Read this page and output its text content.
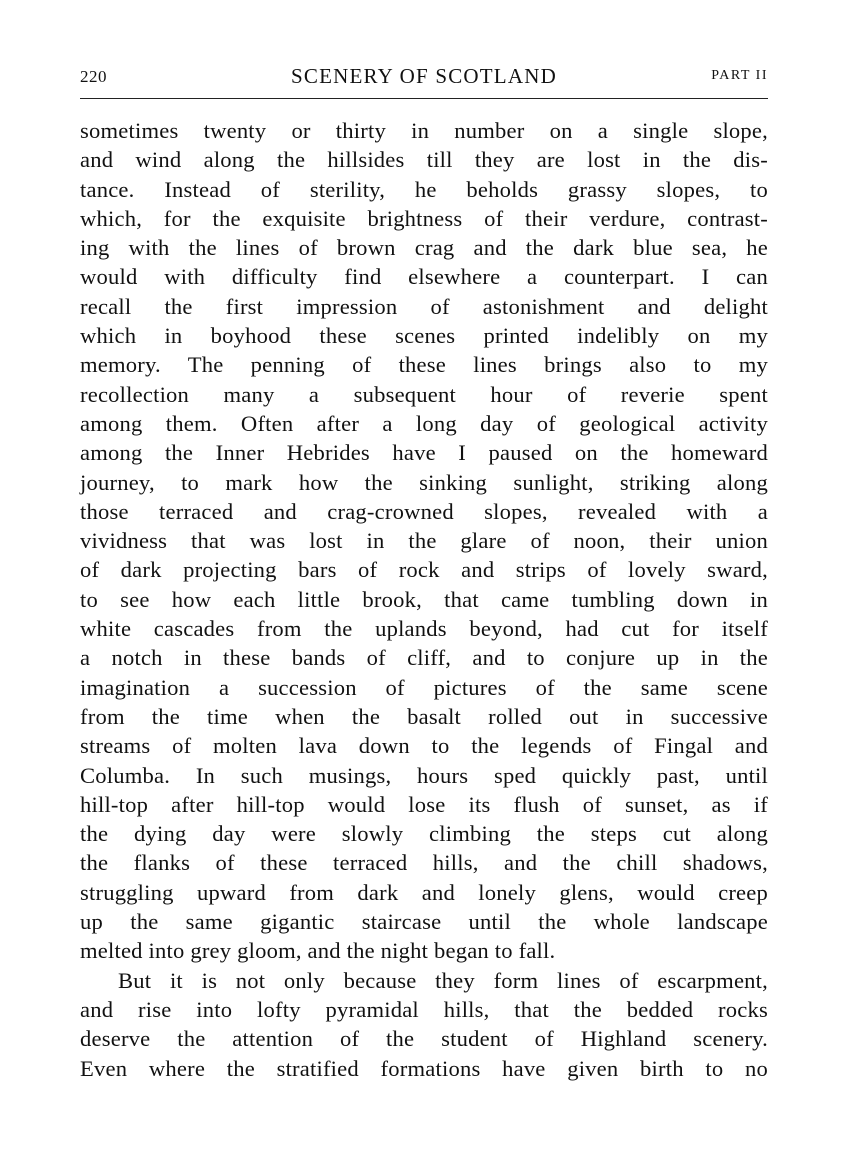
220	SCENERY OF SCOTLAND	PART II
sometimes twenty or thirty in number on a single slope,
and wind along the hillsides till they are lost in the dis-
tance. Instead of sterility, he beholds grassy slopes, to
which, for the exquisite brightness of their verdure, contrast-
ing with the lines of brown crag and the dark blue sea, he
would with difficulty find elsewhere a counterpart. I can
recall the first impression of astonishment and delight
which in boyhood these scenes printed indelibly on my
memory. The penning of these lines brings also to my
recollection many a subsequent hour of reverie spent
among them. Often after a long day of geological activity
among the Inner Hebrides have I paused on the homeward
journey, to mark how the sinking sunlight, striking along
those terraced and crag-crowned slopes, revealed with a
vividness that was lost in the glare of noon, their union
of dark projecting bars of rock and strips of lovely sward,
to see how each little brook, that came tumbling down in
white cascades from the uplands beyond, had cut for itself
a notch in these bands of cliff, and to conjure up in the
imagination a succession of pictures of the same scene
from the time when the basalt rolled out in successive
streams of molten lava down to the legends of Fingal and
Columba. In such musings, hours sped quickly past, until
hill-top after hill-top would lose its flush of sunset, as if
the dying day were slowly climbing the steps cut along
the flanks of these terraced hills, and the chill shadows,
struggling upward from dark and lonely glens, would creep
up the same gigantic staircase until the whole landscape
melted into grey gloom, and the night began to fall.
But it is not only because they form lines of escarpment,
and rise into lofty pyramidal hills, that the bedded rocks
deserve the attention of the student of Highland scenery.
Even where the stratified formations have given birth to no
